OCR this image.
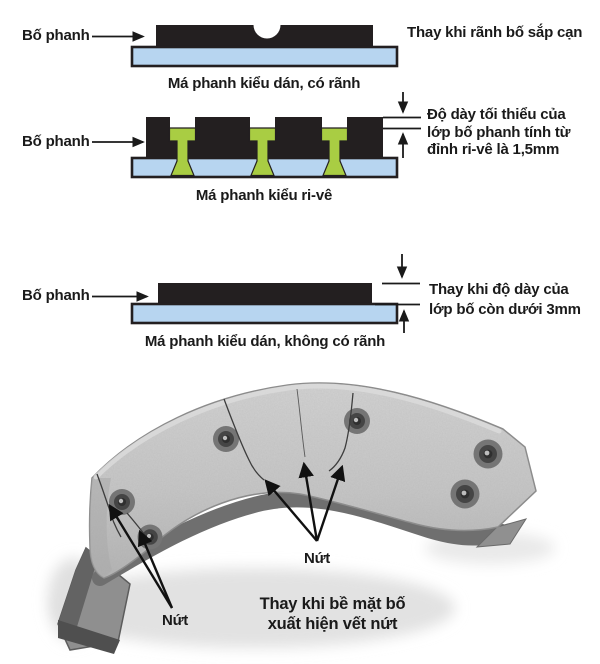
Bố phanh	Thay khi rãnh bố sắp cạn
Má phanh kiểu dán, có rãnh
Bố phanh
Độ dày tối thiểu của
lớp bố phanh tính từ
đỉnh ri-vê là 1,5mm
Má phanh kiểu ri-vê
Bố phanh	Thay khi độ dày của
lớp bố còn dưới 3mm
Má phanh kiểu dán, không có rãnh
Nứt
Nứt
Thay khi bề mặt bố
xuất hiện vết nứt
